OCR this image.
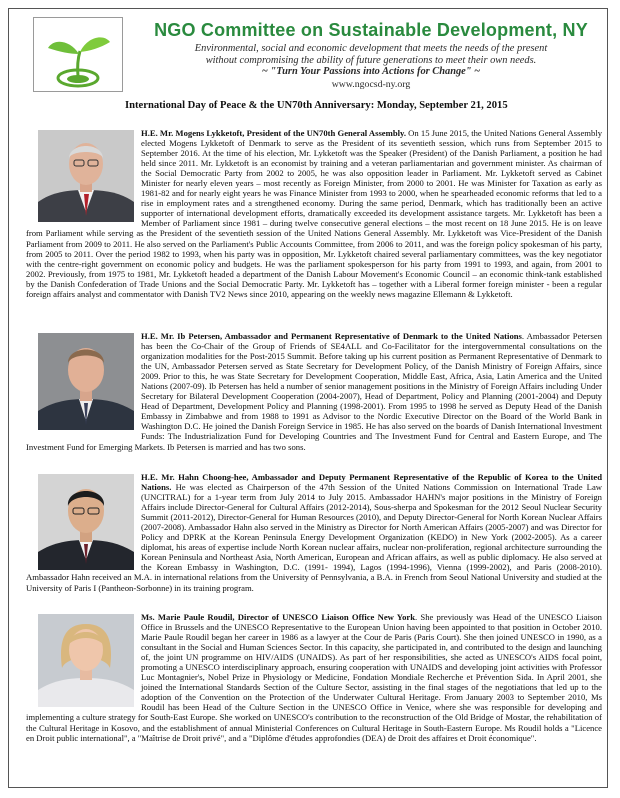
NGO Committee on Sustainable Development, NY
Environmental, social and economic development that meets the needs of the present
without compromising the ability of future generations to meet their own needs.
~ "Turn Your Passions into Actions for Change" ~
www.ngocsd-ny.org
International Day of Peace & the UN70th Anniversary: Monday, September 21, 2015

H.E. Mr. Mogens Lykketoft, President of the UN70th General Assembly. On 15 June 2015, the United Nations General Assembly elected Mogens Lykketoft of Denmark to serve as the President of its seventieth session, which runs from September 2015 to September 2016. At the time of his election, Mr. Lykketoft was the Speaker (President) of the Danish Parliament, a position he had held since 2011. Mr. Lykketoft is an economist by training and a veteran parliamentarian and government minister. As chairman of the Social Democratic Party from 2002 to 2005, he was also opposition leader in Parliament. Mr. Lykketoft served as Cabinet Minister for nearly eleven years – most recently as Foreign Minister, from 2000 to 2001. He was Minister for Taxation as early as 1981-82 and for nearly eight years he was Finance Minister from 1993 to 2000, when he spearheaded economic reforms that led to a rise in employment rates and a strengthened economy. During the same period, Denmark, which has traditionally been an active supporter of international development efforts, dramatically exceeded its development assistance targets. Mr. Lykketoft has been a Member of Parliament since 1981 – during twelve consecutive general elections – the most recent on 18 June 2015. He is on leave from Parliament while serving as the President of the seventieth session of the United Nations General Assembly. Mr. Lykketoft was Vice-President of the Danish Parliament from 2009 to 2011. He also served on the Parliament's Public Accounts Committee, from 2006 to 2011, and was the foreign policy spokesman of his party, from 2005 to 2011. Over the period 1982 to 1993, when his party was in opposition, Mr. Lykketoft chaired several parliamentary committees, was the key negotiator with the centre-right government on economic policy and budgets. He was the parliament spokesperson for his party from 1991 to 1993, and again, from 2001 to 2002. Previously, from 1975 to 1981, Mr. Lykketoft headed a department of the Danish Labour Movement's Economic Council – an economic think-tank established by the Danish Confederation of Trade Unions and the Social Democratic Party. Mr. Lykketoft has – together with a Liberal former foreign minister - been a regular foreign affairs analyst and commentator with Danish TV2 News since 2010, appearing on the weekly news magazine Ellemann & Lykketoft.

H.E. Mr. Ib Petersen, Ambassador and Permanent Representative of Denmark to the United Nations. Ambassador Petersen has been the Co-Chair of the Group of Friends of SE4ALL and Co-Facilitator for the intergovernmental consultations on the organization modalities for the Post-2015 Summit. Before taking up his current position as Permanent Representative of Denmark to the UN, Ambassador Petersen served as State Secretary for Development Policy, of the Danish Ministry of Foreign Affairs, since 2009. Prior to this, he was State Secretary for Development Cooperation, Middle East, Africa, Asia, Latin America and the United Nations (2007-09). Ib Petersen has held a number of senior management positions in the Ministry of Foreign Affairs including Under Secretary for Bilateral Development Cooperation (2004-2007), Head of Department, Policy and Planning (2001-2004) and Deputy Head of Department, Development Policy and Planning (1998-2001). From 1995 to 1998 he served as Deputy Head of the Danish Embassy in Zimbabwe and from 1988 to 1991 as Advisor to the Nordic Executive Director on the Board of the World Bank in Washington D.C. He joined the Danish Foreign Service in 1985. He has also served on the boards of Danish International Investment Funds: The Industrialization Fund for Developing Countries and The Investment Fund for Central and Eastern Europe, and The Investment Fund for Emerging Markets. Ib Petersen is married and has two sons.

H.E. Mr. Hahn Choong-hee, Ambassador and Deputy Permanent Representative of the Republic of Korea to the United Nations. He was elected as Chairperson of the 47th Session of the United Nations Commission on International Trade Law (UNCITRAL) for a 1-year term from July 2014 to July 2015. Ambassador HAHN's major positions in the Ministry of Foreign Affairs include Director-General for Cultural Affairs (2012-2014), Sous-sherpa and Spokesman for the 2012 Seoul Nuclear Security Summit (2011-2012), Director-General for Human Resources (2010), and Deputy Director-General for North Korean Nuclear Affairs (2007-2008). Ambassador Hahn also served in the Ministry as Director for North American Affairs (2005-2007) and was Director for Policy and DPRK at the Korean Peninsula Energy Development Organization (KEDO) in New York (2002-2005). As a career diplomat, his areas of expertise include North Korean nuclear affairs, nuclear non-proliferation, regional architecture surrounding the Korean Peninsula and Northeast Asia, North American, European and African affairs, as well as public diplomacy. He also served at the Korean Embassy in Washington, D.C. (1991- 1994), Lagos (1994-1996), Vienna (1999-2002), and Paris (2008-2010). Ambassador Hahn received an M.A. in international relations from the University of Pennsylvania, a B.A. in French from Seoul National University and studied at the University of Paris I (Pantheon-Sorbonne) in its training program.

Ms. Marie Paule Roudil, Director of UNESCO Liaison Office New York. She previously was Head of the UNESCO Liaison Office in Brussels and the UNESCO Representative to the European Union having been appointed to that position in October 2010. Marie Paule Roudil began her career in 1986 as a lawyer at the Cour de Paris (Paris Court). She then joined UNESCO in 1990, as a consultant in the Social and Human Sciences Sector. In this capacity, she participated in, and contributed to the design and launching of, the joint UN programme on HIV/AIDS (UNAIDS). As part of her responsibilities, she acted as UNESCO's AIDS focal point, promoting a UNESCO interdisciplinary approach, ensuring cooperation with UNAIDS and developing joint activities with Professor Luc Montagnier's, Nobel Prize in Physiology or Medicine, Fondation Mondiale Recherche et Prévention Sida. In April 2001, she joined the International Standards Section of the Culture Sector, assisting in the final stages of the negotiations that led up to the adoption of the Convention on the Protection of the Underwater Cultural Heritage. From January 2003 to September 2010, Ms Roudil has been Head of the Culture Section in the UNESCO Office in Venice, where she was responsible for developing and implementing a culture strategy for South-East Europe. She worked on UNESCO's contribution to the reconstruction of the Old Bridge of Mostar, the rehabilitation of the Cultural Heritage in Kosovo, and the establishment of annual Ministerial Conferences on Cultural Heritage in South-Eastern Europe. Ms Roudil holds a "Licence en Droit public international", a "Maîtrise de Droit privé", and a "Diplôme d'études approfondies (DEA) de Droit des affaires et Droit économique".
